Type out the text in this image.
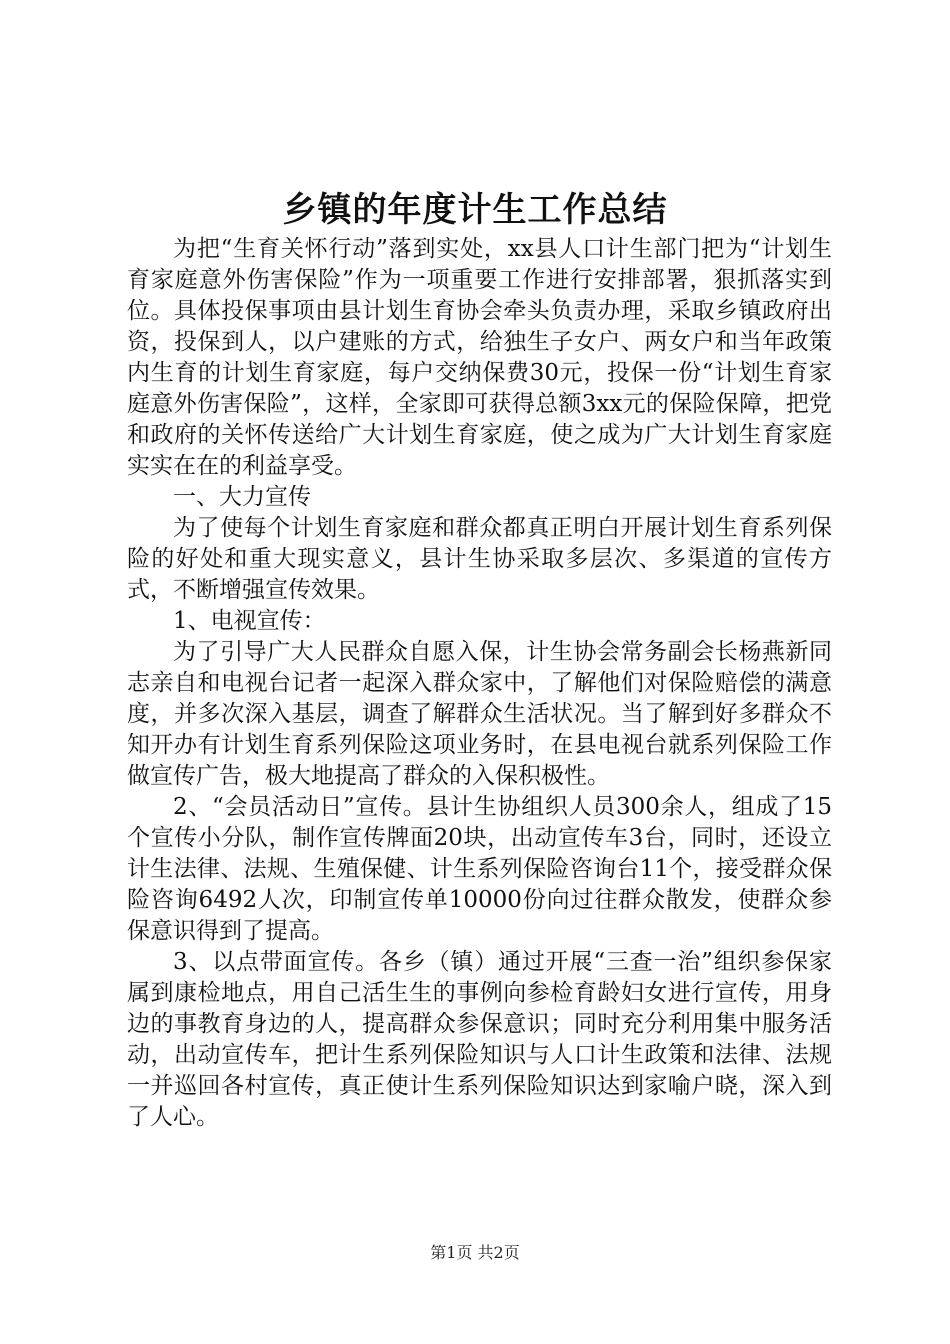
乡镇的年度计生工作总结

为把“生育关怀行动”落到实处，xx县人口计生部门把为“计划生育家庭意外伤害保险”作为一项重要工作进行安排部署，狠抓落实到位。具体投保事项由县计划生育协会牵头负责办理，采取乡镇政府出资，投保到人，以户建账的方式，给独生子女户、两女户和当年政策内生育的计划生育家庭，每户交纳保费30元，投保一份“计划生育家庭意外伤害保险”，这样，全家即可获得总额3xx元的保险保障，把党和政府的关怀传送给广大计划生育家庭，使之成为广大计划生育家庭实实在在的利益享受。

一、大力宣传

为了使每个计划生育家庭和群众都真正明白开展计划生育系列保险的好处和重大现实意义，县计生协采取多层次、多渠道的宣传方式，不断增强宣传效果。

1、电视宣传：

为了引导广大人民群众自愿入保，计生协会常务副会长杨燕新同志亲自和电视台记者一起深入群众家中，了解他们对保险赔偿的满意度，并多次深入基层，调查了解群众生活状况。当了解到好多群众不知开办有计划生育系列保险这项业务时，在县电视台就系列保险工作做宣传广告，极大地提高了群众的入保积极性。

2、“会员活动日”宣传。县计生协组织人员300余人，组成了15个宣传小分队，制作宣传牌面20块，出动宣传车3台，同时，还设立计生法律、法规、生殖保健、计生系列保险咨询台11个，接受群众保险咨询6492人次，印制宣传单10000份向过往群众散发，使群众参保意识得到了提高。

3、以点带面宣传。各乡（镇）通过开展“三查一治”组织参保家属到康检地点，用自己活生生的事例向参检育龄妇女进行宣传，用身边的事教育身边的人，提高群众参保意识；同时充分利用集中服务活动，出动宣传车，把计生系列保险知识与人口计生政策和法律、法规一并巡回各村宣传，真正使计生系列保险知识达到家喻户晓，深入到了人心。

第1页 共2页
